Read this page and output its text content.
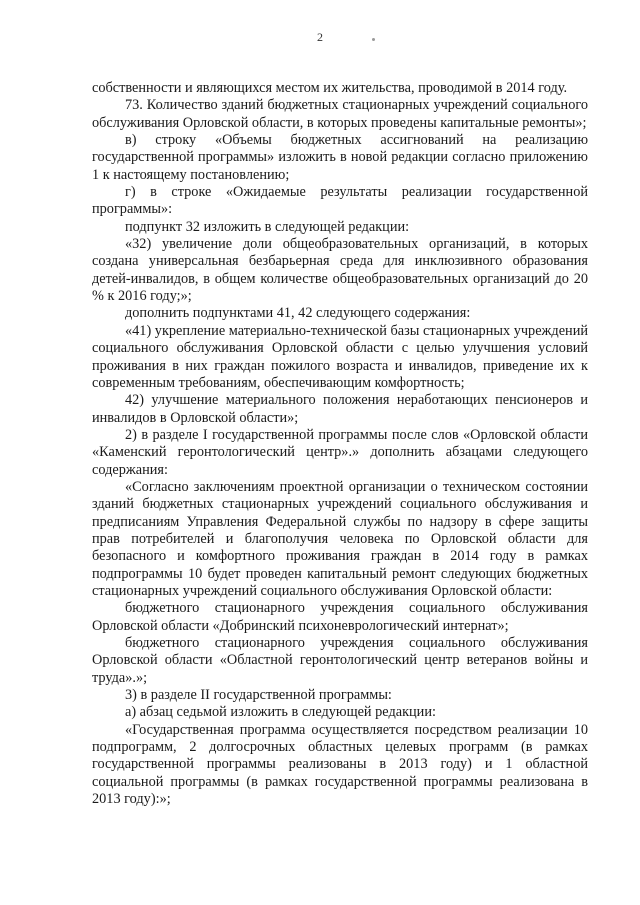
2

собственности и являющихся местом их жительства, проводимой в 2014 году.

73. Количество зданий бюджетных стационарных учреждений социального обслуживания Орловской области, в которых проведены капитальные ремонты»;

в) строку «Объемы бюджетных ассигнований на реализацию государственной программы» изложить в новой редакции согласно приложению 1 к настоящему постановлению;

г) в строке «Ожидаемые результаты реализации государственной программы»:

подпункт 32 изложить в следующей редакции:

«32) увеличение доли общеобразовательных организаций, в которых создана универсальная безбарьерная среда для инклюзивного образования детей-инвалидов, в общем количестве общеобразовательных организаций до 20 % к 2016 году;»;

дополнить подпунктами 41, 42 следующего содержания:

«41) укрепление материально-технической базы стационарных учреждений социального обслуживания Орловской области с целью улучшения условий проживания в них граждан пожилого возраста и инвалидов, приведение их к современным требованиям, обеспечивающим комфортность;

42) улучшение материального положения неработающих пенсионеров и инвалидов в Орловской области»;

2) в разделе I государственной программы после слов «Орловской области «Каменский геронтологический центр».» дополнить абзацами следующего содержания:

«Согласно заключениям проектной организации о техническом состоянии зданий бюджетных стационарных учреждений социального обслуживания и предписаниям Управления Федеральной службы по надзору в сфере защиты прав потребителей и благополучия человека по Орловской области для безопасного и комфортного проживания граждан в 2014 году в рамках подпрограммы 10 будет проведен капитальный ремонт следующих бюджетных стационарных учреждений социального обслуживания Орловской области:

бюджетного стационарного учреждения социального обслуживания Орловской области «Добринский психоневрологический интернат»;

бюджетного стационарного учреждения социального обслуживания Орловской области «Областной геронтологический центр ветеранов войны и труда».»;

3) в разделе II государственной программы:

а) абзац седьмой изложить в следующей редакции:

«Государственная программа осуществляется посредством реализации 10 подпрограмм, 2 долгосрочных областных целевых программ (в рамках государственной программы реализованы в 2013 году) и 1 областной социальной программы (в рамках государственной программы реализована в 2013 году):»;
